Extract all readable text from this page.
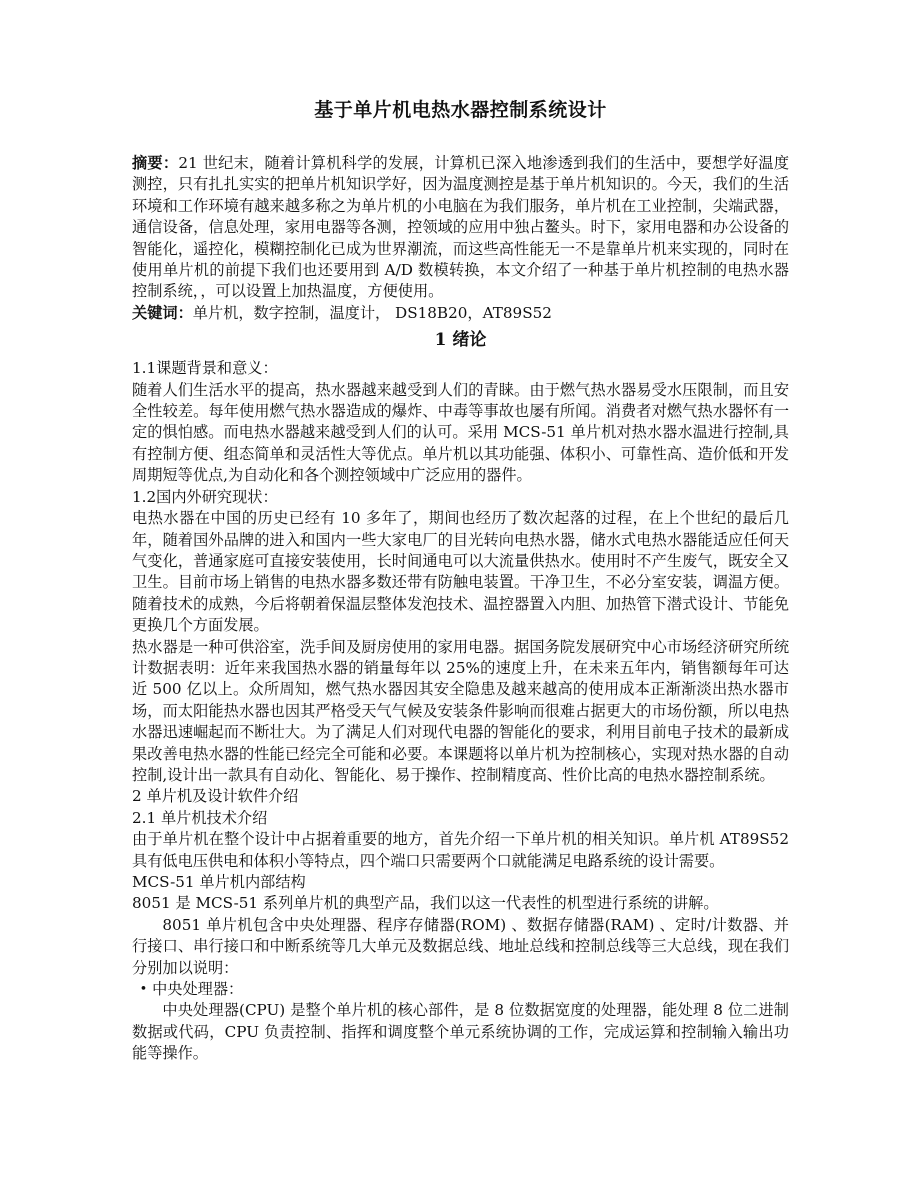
基于单片机电热水器控制系统设计

摘要：21 世纪末，随着计算机科学的发展，计算机已深入地渗透到我们的生活中，要想学好温度测控，只有扎扎实实的把单片机知识学好，因为温度测控是基于单片机知识的。今天，我们的生活环境和工作环境有越来越多称之为单片机的小电脑在为我们服务，单片机在工业控制，尖端武器，通信设备，信息处理，家用电器等各测，控领域的应用中独占鳌头。时下，家用电器和办公设备的智能化，遥控化，模糊控制化已成为世界潮流，而这些高性能无一不是靠单片机来实现的，同时在使用单片机的前提下我们也还要用到 A/D 数模转换，本文介绍了一种基于单片机控制的电热水器控制系统，，可以设置上加热温度，方便使用。

关键词：单片机，数字控制，温度计， DS18B20，AT89S52

1 绪论

1.1课题背景和意义：

随着人们生活水平的提高，热水器越来越受到人们的青睐。由于燃气热水器易受水压限制，而且安全性较差。每年使用燃气热水器造成的爆炸、中毒等事故也屡有所闻。消费者对燃气热水器怀有一定的惧怕感。而电热水器越来越受到人们的认可。采用 MCS-51 单片机对热水器水温进行控制,具有控制方便、组态简单和灵活性大等优点。单片机以其功能强、体积小、可靠性高、造价低和开发周期短等优点,为自动化和各个测控领域中广泛应用的器件。

1.2国内外研究现状：

电热水器在中国的历史已经有 10 多年了，期间也经历了数次起落的过程，在上个世纪的最后几年，随着国外品牌的进入和国内一些大家电厂的目光转向电热水器，储水式电热水器能适应任何天气变化，普通家庭可直接安装使用，长时间通电可以大流量供热水。使用时不产生废气，既安全又卫生。目前市场上销售的电热水器多数还带有防触电装置。干净卫生，不必分室安装，调温方便。随着技术的成熟，今后将朝着保温层整体发泡技术、温控器置入内胆、加热管下潜式设计、节能免更换几个方面发展。

热水器是一种可供浴室，洗手间及厨房使用的家用电器。据国务院发展研究中心市场经济研究所统计数据表明：近年来我国热水器的销量每年以 25%的速度上升，在未来五年内，销售额每年可达近 500 亿以上。众所周知，燃气热水器因其安全隐患及越来越高的使用成本正渐渐淡出热水器市场，而太阳能热水器也因其严格受天气气候及安装条件影响而很难占据更大的市场份额，所以电热水器迅速崛起而不断壮大。为了满足人们对现代电器的智能化的要求，利用目前电子技术的最新成果改善电热水器的性能已经完全可能和必要。本课题将以单片机为控制核心，实现对热水器的自动控制,设计出一款具有自动化、智能化、易于操作、控制精度高、性价比高的电热水器控制系统。

2 单片机及设计软件介绍

2.1 单片机技术介绍

由于单片机在整个设计中占据着重要的地方，首先介绍一下单片机的相关知识。单片机 AT89S52 具有低电压供电和体积小等特点，四个端口只需要两个口就能满足电路系统的设计需要。

MCS-51 单片机内部结构

8051 是 MCS-51 系列单片机的典型产品，我们以这一代表性的机型进行系统的讲解。

8051 单片机包含中央处理器、程序存储器(ROM) 、数据存储器(RAM) 、定时/计数器、并行接口、串行接口和中断系统等几大单元及数据总线、地址总线和控制总线等三大总线，现在我们分别加以说明：

• 中央处理器：

中央处理器(CPU) 是整个单片机的核心部件，是 8 位数据宽度的处理器，能处理 8 位二进制数据或代码，CPU 负责控制、指挥和调度整个单元系统协调的工作，完成运算和控制输入输出功能等操作。
